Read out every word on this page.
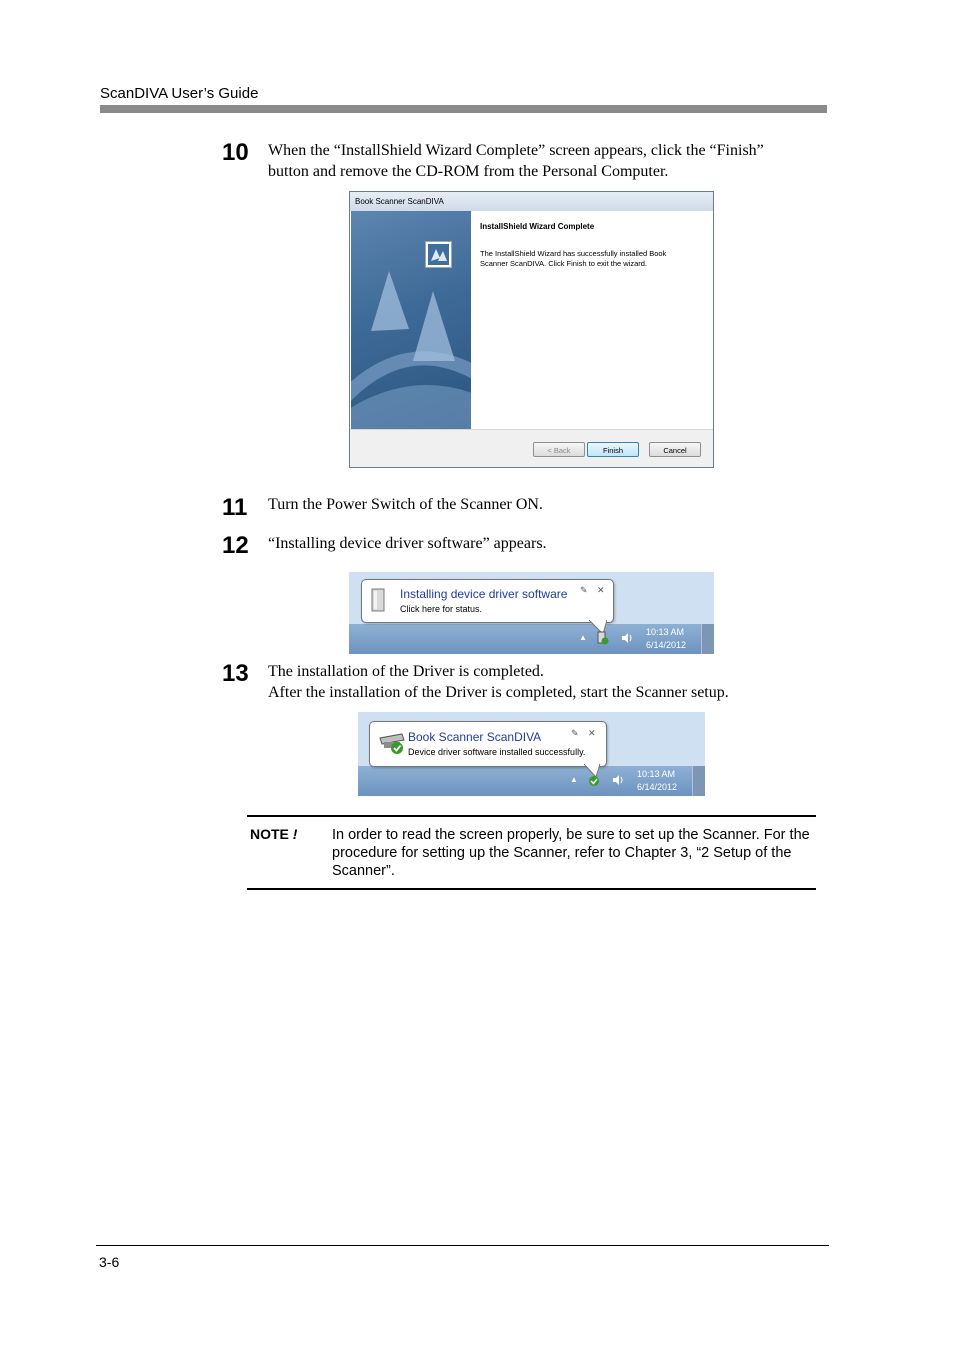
ScanDIVA User’s Guide
10 When the “InstallShield Wizard Complete” screen appears, click the “Finish”
button and remove the CD-ROM from the Personal Computer.
Book Scanner ScanDIVA
InstallShield Wizard Complete
The InstallShield Wizard has successfully installed Book Scanner ScanDIVA. Click Finish to exit the wizard.
< Back	Finish	Cancel
11 Turn the Power Switch of the Scanner ON.
12 “Installing device driver software” appears.
Installing device driver software
Click here for status.
✎ ✕
▲
10:13 AM
6/14/2012
13 The installation of the Driver is completed.
After the installation of the Driver is completed, start the Scanner setup.
Book Scanner ScanDIVA
Device driver software installed successfully.
✎ ✕
▲
10:13 AM
6/14/2012
NOTE ! In order to read the screen properly, be sure to set up the Scanner. For the procedure for setting up the Scanner, refer to Chapter 3, “2 Setup of the Scanner”.
3-6
